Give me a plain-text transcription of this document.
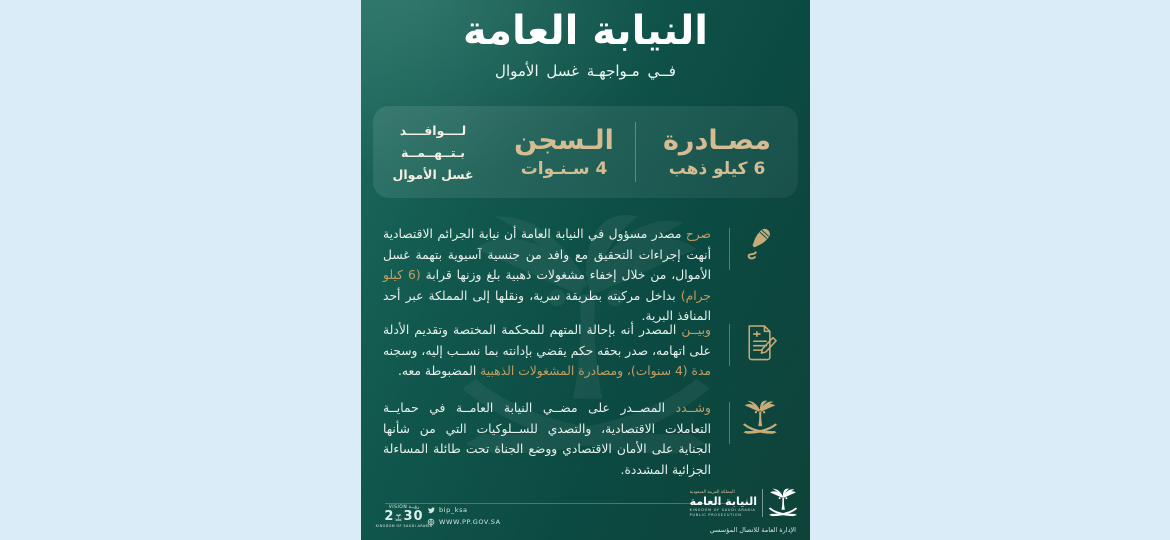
النيابة العامة
فــي مـواجهـة غسل الأموال
مصـادرة
6 كيلو ذهب
الـسجن
4 سـنـوات
لــــوافــــد
بـتــهــمــة
غسل الأموال
صرح مصدر مسؤول في النيابة العامة أن نيابة الجرائم الاقتصادية أنهت إجراءات التحقيق مع وافد من جنسية آسيوية بتهمة غسل الأموال، من خلال إخفاء مشغولات ذهبية بلغ وزنها قرابة (6 كيلو جرام) بداخل مركبته بطريقة سرية، ونقلها إلى المملكة عبر أحد المنافذ البرية.
وبيــن المصدر أنه بإحالة المتهم للمحكمة المختصة وتقديم الأدلة على اتهامه، صدر بحقه حكم يقضي بإدانته بما نســب إليه، وسجنه مدة (4 سنوات)، ومصادرة المشغولات الذهبية المضبوطة معه.
وشــدد المصــدر على مضــي النيابة العامــة في حمايــة التعاملات الاقتصادية، والتصدي للســلوكيات التي من شأنها الجناية على الأمان الاقتصادي ووضع الجناة تحت طائلة المساءلة الجزائية المشددة.
رؤيــة VISION
2 30
KINGDOM OF SAUDI ARABIA
bip_ksa
WWW.PP.GOV.SA
المملكة العربية السعودية
النيابة العامة
KINGDOM OF SAUDI ARABIA
PUBLIC PROSECUTION
الإدارة العامة للاتصال المؤسسي
